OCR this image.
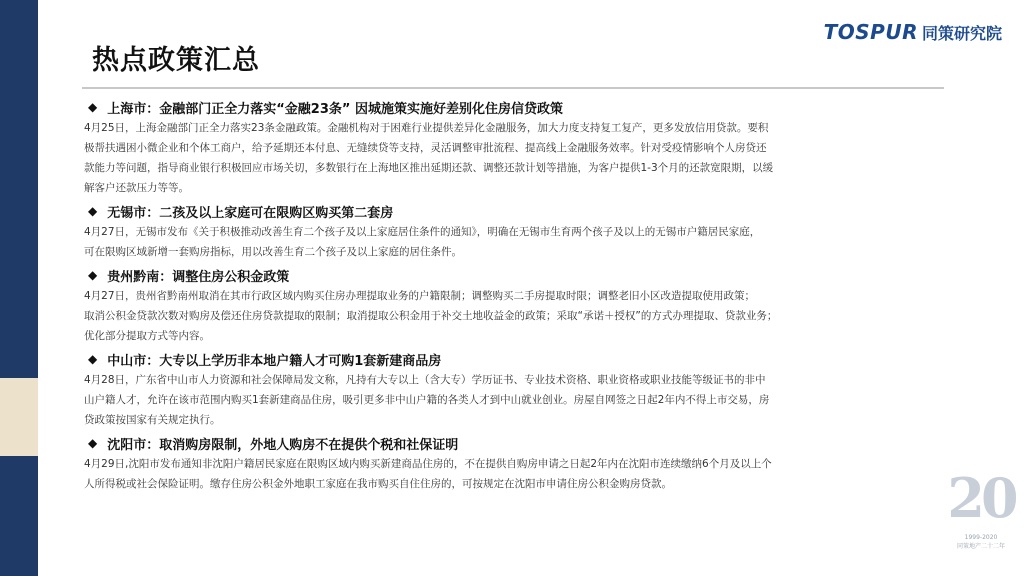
热点政策汇总
TOSPUR 同策研究院
◆ 上海市：金融部门正全力落实“金融23条” 因城施策实施好差别化住房信贷政策

4月25日，上海金融部门正全力落实23条金融政策。金融机构对于困难行业提供差异化金融服务，加大力度支持复工复产，更多发放信用贷款。要积
极帮扶遇困小微企业和个体工商户，给予延期还本付息、无缝续贷等支持，灵活调整审批流程、提高线上金融服务效率。针对受疫情影响个人房贷还
款能力等问题，指导商业银行积极回应市场关切，多数银行在上海地区推出延期还款、调整还款计划等措施，为客户提供1-3个月的还款宽限期，以缓
解客户还款压力等等。

◆ 无锡市：二孩及以上家庭可在限购区购买第二套房

4月27日，无锡市发布《关于积极推动改善生育二个孩子及以上家庭居住条件的通知》，明确在无锡市生育两个孩子及以上的无锡市户籍居民家庭，
可在限购区域新增一套购房指标，用以改善生育二个孩子及以上家庭的居住条件。

◆ 贵州黔南：调整住房公积金政策

4月27日，贵州省黔南州取消在其市行政区域内购买住房办理提取业务的户籍限制；调整购买二手房提取时限；调整老旧小区改造提取使用政策；
取消公积金贷款次数对购房及偿还住房贷款提取的限制；取消提取公积金用于补交土地收益金的政策；采取“承诺＋授权”的方式办理提取、贷款业务；
优化部分提取方式等内容。

◆ 中山市：大专以上学历非本地户籍人才可购1套新建商品房

4月28日，广东省中山市人力资源和社会保障局发文称，凡持有大专以上（含大专）学历证书、专业技术资格、职业资格或职业技能等级证书的非中
山户籍人才，允许在该市范围内购买1套新建商品住房，吸引更多非中山户籍的各类人才到中山就业创业。房屋自网签之日起2年内不得上市交易，房
贷政策按国家有关规定执行。

◆ 沈阳市：取消购房限制，外地人购房不在提供个税和社保证明

4月29日,沈阳市发布通知非沈阳户籍居民家庭在限购区域内购买新建商品住房的，不在提供自购房申请之日起2年内在沈阳市连续缴纳6个月及以上个
人所得税或社会保险证明。缴存住房公积金外地职工家庭在我市购买自住住房的，可按规定在沈阳市申请住房公积金购房贷款。	20
1999-2020
同策地产二十二年
